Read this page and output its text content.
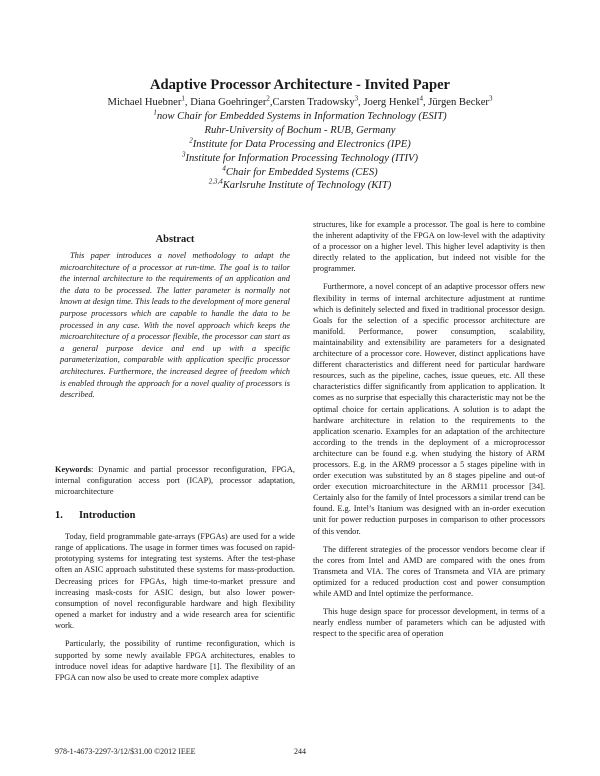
Adaptive Processor Architecture - Invited Paper
Michael Huebner$^1$, Diana Goehringer$^2$,Carsten Tradowsky$^3$, Joerg Henkel$^4$, Jürgen Becker$^3$
$^1$now Chair for Embedded Systems in Information Technology (ESIT)
Ruhr-University of Bochum - RUB, Germany
$^2$Institute for Data Processing and Electronics (IPE)
$^3$Institute for Information Processing Technology (ITIV)
$^4$Chair for Embedded Systems (CES)
$^{2,3,4}$Karlsruhe Institute of Technology (KIT)
Abstract

This paper introduces a novel methodology to adapt the microarchitecture of a processor at run-time. The goal is to tailor the internal architecture to the requirements of an application and the data to be processed. The latter parameter is normally not known at design time. This leads to the development of more general purpose processors which are capable to handle the data to be processed in any case. With the novel approach which keeps the microarchitecture of a processor flexible, the processor can start as a general purpose device and end up with a specific parameterization, comparable with application specific processor architectures. Furthermore, the increased degree of freedom which is enabled through the approach for a novel quality of processors is described.

Keywords: Dynamic and partial processor reconfiguration, FPGA, internal configuration access port (ICAP), processor adaptation, microarchitecture

1. Introduction

Today, field programmable gate-arrays (FPGAs) are used for a wide range of applications. The usage in former times was focused on rapid-prototyping systems for integrating test systems. After the test-phase often an ASIC approach substituted these systems for mass-production. Decreasing prices for FPGAs, high time-to-market pressure and increasing mask-costs for ASIC design, but also lower power-consumption of novel reconfigurable hardware and high flexibility opened a market for industry and a wide research area for scientific work.

Particularly, the possibility of runtime reconfiguration, which is supported by some newly available FPGA architectures, enables to introduce novel ideas for adaptive hardware [1]. The flexibility of an FPGA can now also be used to create more complex adaptive

structures, like for example a processor. The goal is here to combine the inherent adaptivity of the FPGA on low-level with the adaptivity of a processor on a higher level. This higher level adaptivity is then directly related to the application, but indeed not visible for the programmer.

Furthermore, a novel concept of an adaptive processor offers new flexibility in terms of internal architecture adjustment at runtime which is definitely selected and fixed in traditional processor design. Goals for the selection of a specific processor architecture are manifold. Performance, power consumption, scalability, maintainability and extensibility are parameters for a designated architecture of a processor core. However, distinct applications have different characteristics and different need for particular hardware resources, such as the pipeline, caches, issue queues, etc. All these characteristics differ significantly from application to application. It comes as no surprise that especially this characteristic may not be the optimal choice for certain applications. A solution is to adapt the hardware architecture in relation to the requirements to the application scenario. Examples for an adaptation of the architecture according to the trends in the deployment of a microprocessor architecture can be found e.g. when studying the history of ARM processors. E.g. in the ARM9 processor a 5 stages pipeline with in order execution was substituted by an 8 stages pipeline and out-of order execution microarchitecture in the ARM11 processor [34]. Certainly also for the family of Intel processors a similar trend can be found. E.g. Intel’s Itanium was designed with an in-order execution unit for power reduction purposes in comparison to other processors of this vendor.

The different strategies of the processor vendors become clear if the cores from Intel and AMD are compared with the ones from Transmeta and VIA. The cores of Transmeta and VIA are primary optimized for a reduced production cost and power consumption while AMD and Intel optimize the performance.

This huge design space for processor development, in terms of a nearly endless number of parameters which can be adjusted with respect to the specific area of operation

978-1-4673-2297-3/12/$31.00 ©2012 IEEE	244
